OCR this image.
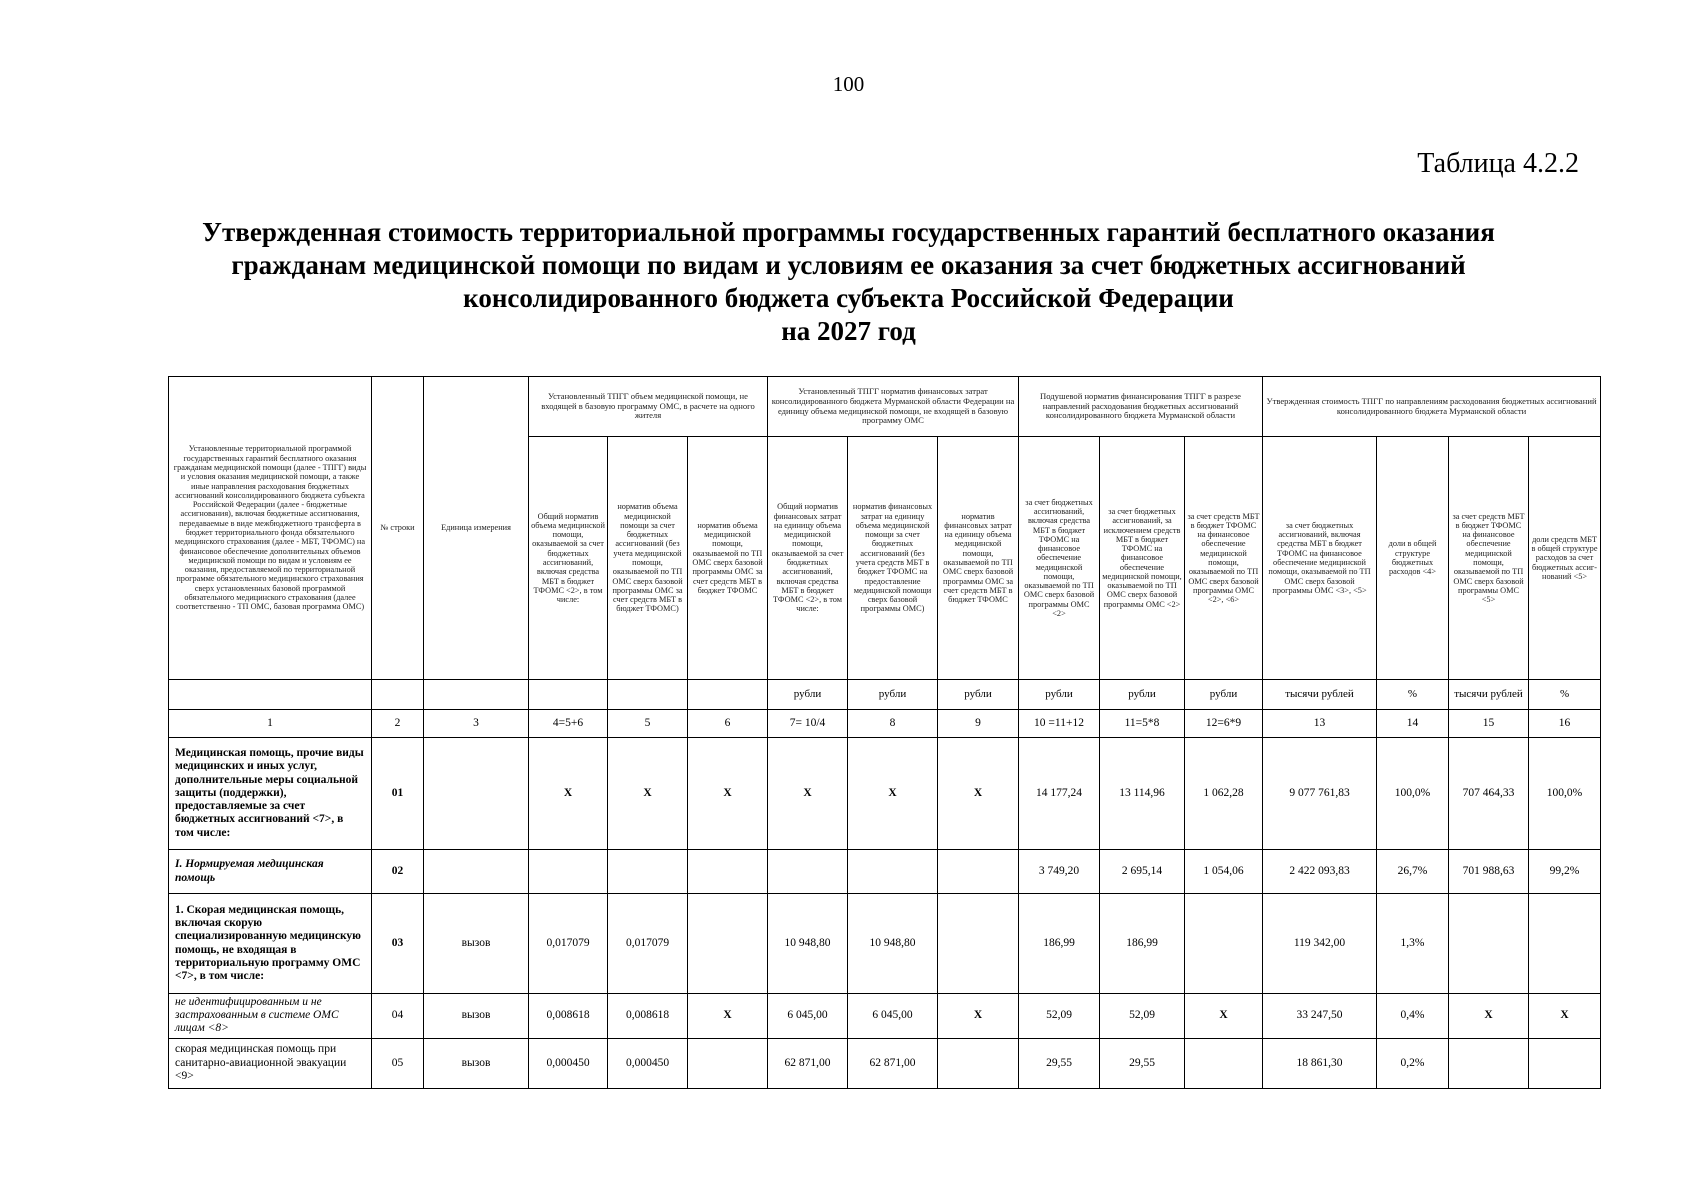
100
Таблица 4.2.2
Утвержденная стоимость территориальной программы государственных гарантий бесплатного оказания
гражданам медицинской помощи по видам и условиям ее оказания за счет бюджетных ассигнований
консолидированного бюджета субъекта Российской Федерации
на 2027 год
Установленные территориальной программой государственных гарантий бесплатного оказания гражданам медицинской помощи (далее - ТПГГ) виды и условия оказания медицинской помощи, а также иные направления расходования бюджетных ассигнований консолидированного бюджета субъекта Российской Федерации (далее - бюджетные ассигнования), включая бюджетные ассигнования, передаваемые в виде межбюджетного трансферта в бюджет территориального фонда обязательного медицинского страхования (далее - МБТ, ТФОМС) на финансовое обеспечение дополнительных объемов медицинской помощи по видам и условиям ее оказания, предоставляемой по территориальной программе обязательного медицинского страхования сверх установленных базовой программой обязательного медицинского страхования (далее соответственно - ТП ОМС, базовая программа ОМС)	№ строки	Единица измерения	Установленный ТПГГ объем медицинской помощи, не входящей в базовую программу ОМС, в расчете на одного жителя			Установленный ТПГГ норматив финансовых затрат консолидированного бюджета Мурманской области Федерации на единицу объема медицинской помощи, не входящей в базовую программу ОМС			Подушевой норматив финансирования ТПГГ в разрезе направлений расходования бюджетных ассигнований консолидированного бюджета Мурманской области			Утвержденная стоимость ТПГГ по направлениям расходования бюджетных ассигнований консолидированного бюджета Мурманской области			
			Общий норматив объема медицинской помощи, оказываемой за счет бюджетных ассигнований, включая средства МБТ в бюджет ТФОМС <2>, в том числе:	норматив объема медицинской помощи за счет бюджетных ассигнований (без учета медицинской помощи, оказываемой по ТП ОМС сверх базовой программы ОМС за счет средств МБТ в бюджет ТФОМС)	норматив объема медицинской помощи, оказываемой по ТП ОМС сверх базовой программы ОМС за счет средств МБТ в бюджет ТФОМС	Общий норматив финансовых затрат на единицу объема медицинской помощи, оказываемой за счет бюджетных ассигнований, включая средства МБТ в бюджет ТФОМС <2>, в том числе:	норматив финансовых затрат на единицу объема медицинской помощи за счет бюджетных ассигнований (без учета средств МБТ в бюджет ТФОМС на предоставление медицинской помощи сверх базовой программы ОМС)	норматив финансовых затрат на единицу объема медицинской помощи, оказываемой по ТП ОМС сверх базовой программы ОМС за счет средств МБТ в бюджет ТФОМС	за счет бюджетных ассигнований, включая средства МБТ в бюджет ТФОМС на финансовое обеспечение медицинской помощи, оказываемой по ТП ОМС сверх базовой программы ОМС <2>	за счет бюджетных ассигнований, за исключением средств МБТ в бюджет ТФОМС на финансовое обеспечение медицинской помощи, оказываемой по ТП ОМС сверх базовой программы ОМС <2>	за счет средств МБТ в бюджет ТФОМС на финансовое обеспечение медицинской помощи, оказываемой по ТП ОМС сверх базовой программы ОМС <2>, <6>	за счет бюджетных ассигнований, включая средства МБТ в бюджет ТФОМС на финансовое обеспечение медицинской помощи, оказываемой по ТП ОМС сверх базовой программы ОМС <3>, <5>	доли в общей структуре бюджетных расходов <4>	за счет средств МБТ в бюджет ТФОМС на финансовое обеспечение медицинской помощи, оказываемой по ТП ОМС сверх базовой программы ОМС <5>	доли средств МБТ в общей структуре расходов за счет бюджетных ассиг-нований <5>
						рубли	рубли	рубли	рубли	рубли	рубли	тысячи рублей	%	тысячи рублей	%
1	2	3	4=5+6	5	6	7= 10/4	8	9	10 =11+12	11=5*8	12=6*9	13	14	15	16
Медицинская помощь, прочие виды медицинских и иных услуг, дополнительные меры социальной защиты (поддержки), предоставляемые за счет бюджетных ассигнований <7>, в том числе:	01		X	X	X	X	X	X	14 177,24	13 114,96	1 062,28	9 077 761,83	100,0%	707 464,33	100,0%
I. Нормируемая медицинская помощь	02								3 749,20	2 695,14	1 054,06	2 422 093,83	26,7%	701 988,63	99,2%
1. Скорая медицинская помощь, включая скорую специализированную медицинскую помощь, не входящая в территориальную программу ОМС <7>, в том числе:	03	вызов	0,017079	0,017079		10 948,80	10 948,80		186,99	186,99		119 342,00	1,3%		
не идентифицированным и не застрахованным в системе ОМС лицам <8>	04	вызов	0,008618	0,008618	X	6 045,00	6 045,00	X	52,09	52,09	X	33 247,50	0,4%	X	X
скорая медицинская помощь при санитарно-авиационной эвакуации <9>	05	вызов	0,000450	0,000450		62 871,00	62 871,00		29,55	29,55		18 861,30	0,2%		
